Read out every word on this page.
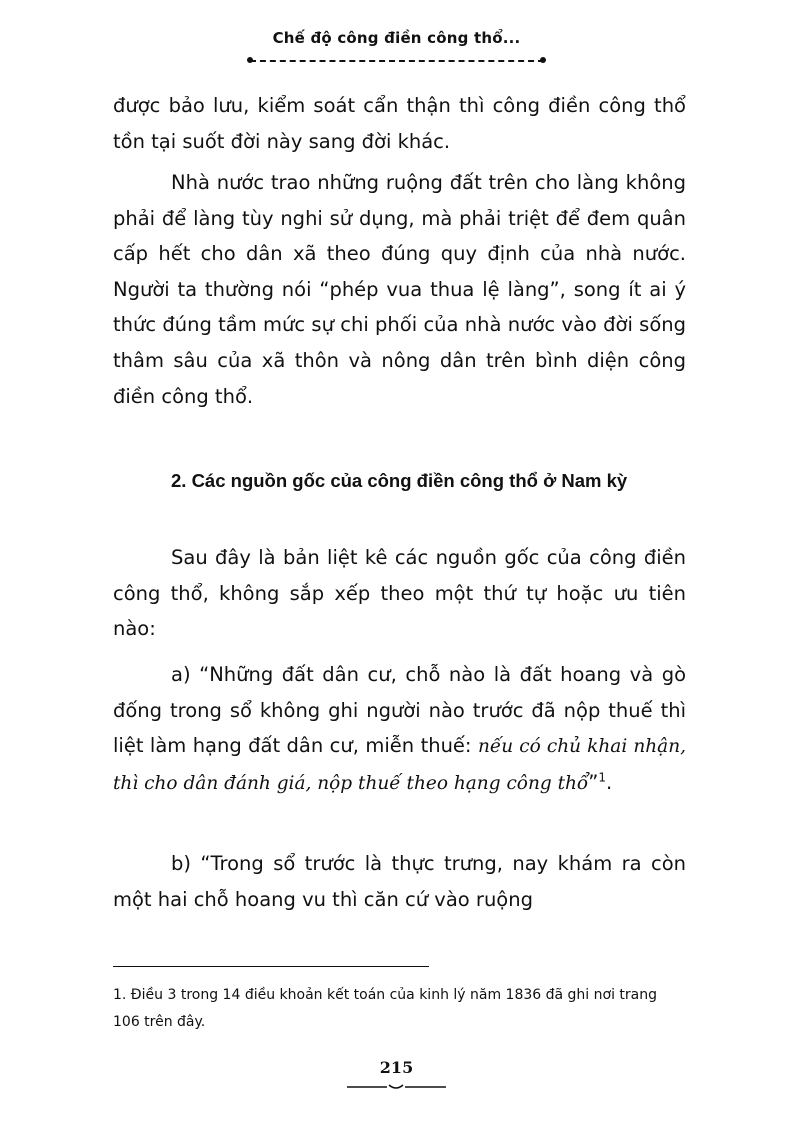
Chế độ công điền công thổ...

được bảo lưu, kiểm soát cẩn thận thì công điền công thổ tồn tại suốt đời này sang đời khác.

Nhà nước trao những ruộng đất trên cho làng không phải để làng tùy nghi sử dụng, mà phải triệt để đem quân cấp hết cho dân xã theo đúng quy định của nhà nước. Người ta thường nói “phép vua thua lệ làng”, song ít ai ý thức đúng tầm mức sự chi phối của nhà nước vào đời sống thâm sâu của xã thôn và nông dân trên bình diện công điền công thổ.

2. Các nguồn gốc của công điền công thổ ở Nam kỳ

Sau đây là bản liệt kê các nguồn gốc của công điền công thổ, không sắp xếp theo một thứ tự hoặc ưu tiên nào:

a) “Những đất dân cư, chỗ nào là đất hoang và gò đống trong sổ không ghi người nào trước đã nộp thuế thì liệt làm hạng đất dân cư, miễn thuế: nếu có chủ khai nhận, thì cho dân đánh giá, nộp thuế theo hạng công thổ”$^1$.

b) “Trong sổ trước là thực trưng, nay khám ra còn một hai chỗ hoang vu thì căn cứ vào ruộng

1. Điều 3 trong 14 điều khoản kết toán của kinh lý năm 1836 đã ghi nơi trang 106 trên đây.
215
